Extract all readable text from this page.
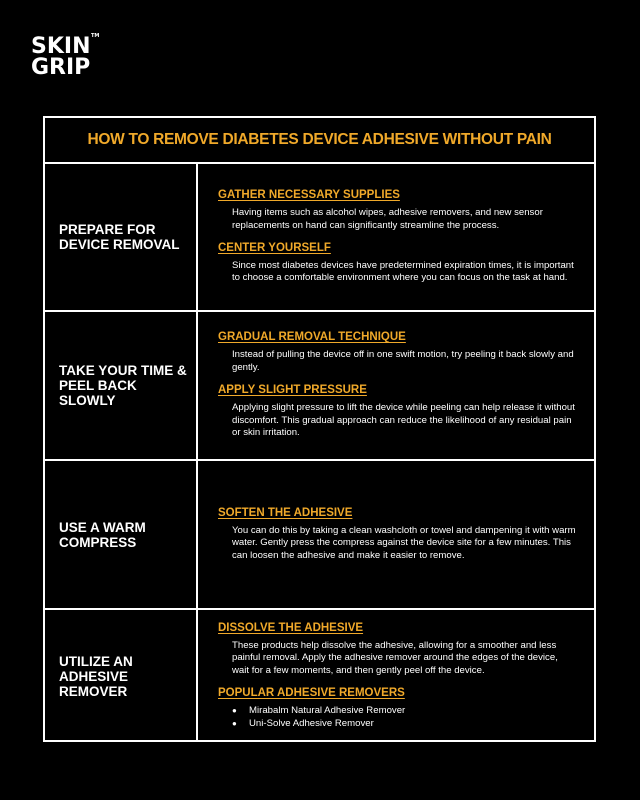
SKIN
GRIP
TM
HOW TO REMOVE DIABETES DEVICE ADHESIVE WITHOUT PAIN
PREPARE FOR DEVICE REMOVAL

GATHER NECESSARY SUPPLIES

Having items such as alcohol wipes, adhesive removers, and new sensor replacements on hand can significantly streamline the process.

CENTER YOURSELF

Since most diabetes devices have predetermined expiration times, it is important to choose a comfortable environment where you can focus on the task at hand.

TAKE YOUR TIME & PEEL BACK SLOWLY

GRADUAL REMOVAL TECHNIQUE

Instead of pulling the device off in one swift motion, try peeling it back slowly and gently.

APPLY SLIGHT PRESSURE

Applying slight pressure to lift the device while peeling can help release it without discomfort. This gradual approach can reduce the likelihood of any residual pain or skin irritation.

USE A WARM COMPRESS

SOFTEN THE ADHESIVE

You can do this by taking a clean washcloth or towel and dampening it with warm water. Gently press the compress against the device site for a few minutes. This can loosen the adhesive and make it easier to remove.

UTILIZE AN ADHESIVE REMOVER

DISSOLVE THE ADHESIVE

These products help dissolve the adhesive, allowing for a smoother and less painful removal. Apply the adhesive remover around the edges of the device, wait for a few moments, and then gently peel off the device.

POPULAR ADHESIVE REMOVERS

● Mirabalm Natural Adhesive Remover
● Uni-Solve Adhesive Remover
